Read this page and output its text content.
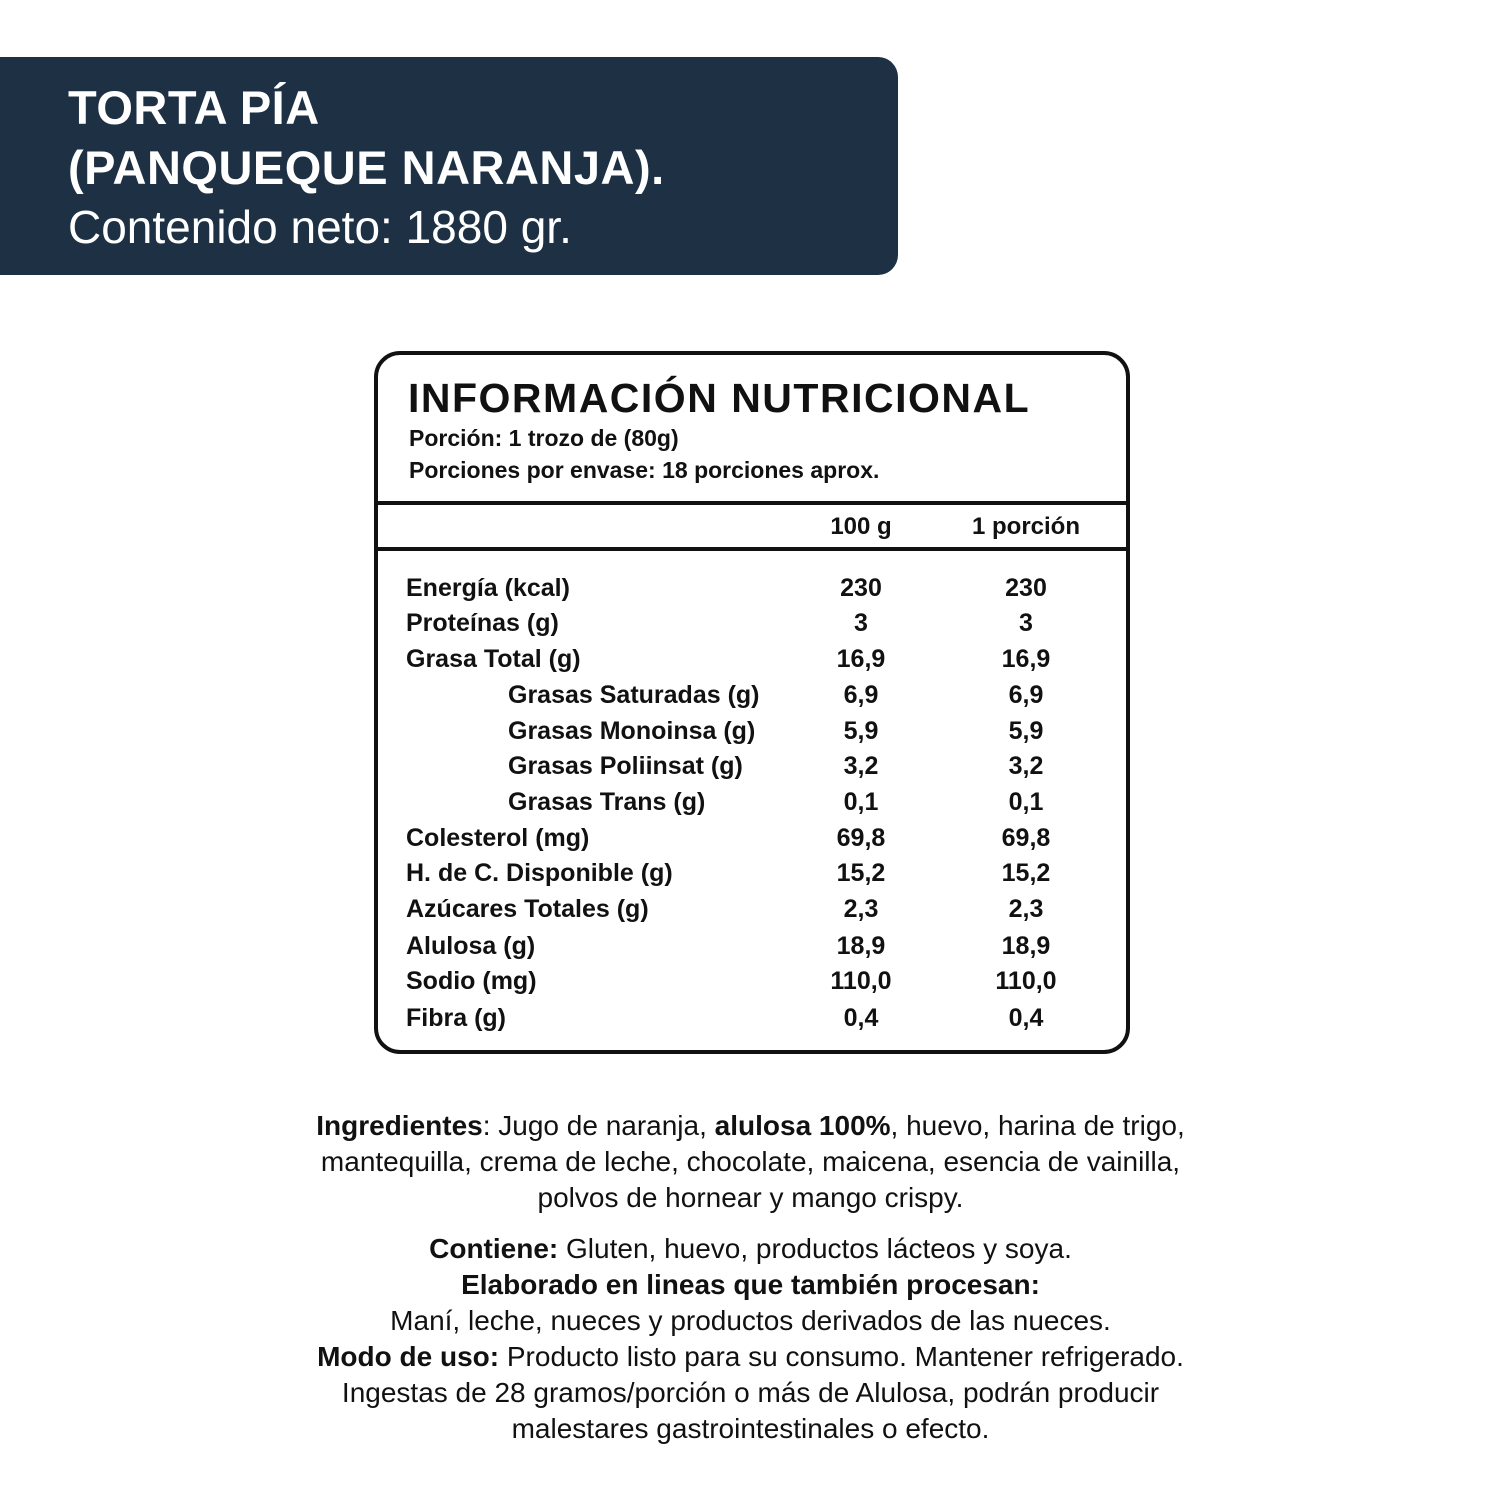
TORTA PÍA
(PANQUEQUE NARANJA).
Contenido neto: 1880 gr.
INFORMACIÓN NUTRICIONAL
Porción: 1 trozo de (80g)
Porciones por envase: 18 porciones aprox.
100 g	1 porción
Energía (kcal)	230	230
Proteínas (g)	3	3
Grasa Total (g)	16,9	16,9
Grasas Saturadas (g)	6,9	6,9
Grasas Monoinsa (g)	5,9	5,9
Grasas Poliinsat (g)	3,2	3,2
Grasas Trans (g)	0,1	0,1
Colesterol (mg)	69,8	69,8
H. de C. Disponible (g)	15,2	15,2
Azúcares Totales (g)	2,3	2,3
Alulosa (g)	18,9	18,9
Sodio (mg)	110,0	110,0
Fibra (g)	0,4	0,4
Ingredientes: Jugo de naranja, alulosa 100%, huevo, harina de trigo,
mantequilla, crema de leche, chocolate, maicena, esencia de vainilla,
polvos de hornear y mango crispy.
Contiene: Gluten, huevo, productos lácteos y soya.
Elaborado en lineas que también procesan:
Maní, leche, nueces y productos derivados de las nueces.
Modo de uso: Producto listo para su consumo. Mantener refrigerado.
Ingestas de 28 gramos/porción o más de Alulosa, podrán producir
malestares gastrointestinales o efecto.
